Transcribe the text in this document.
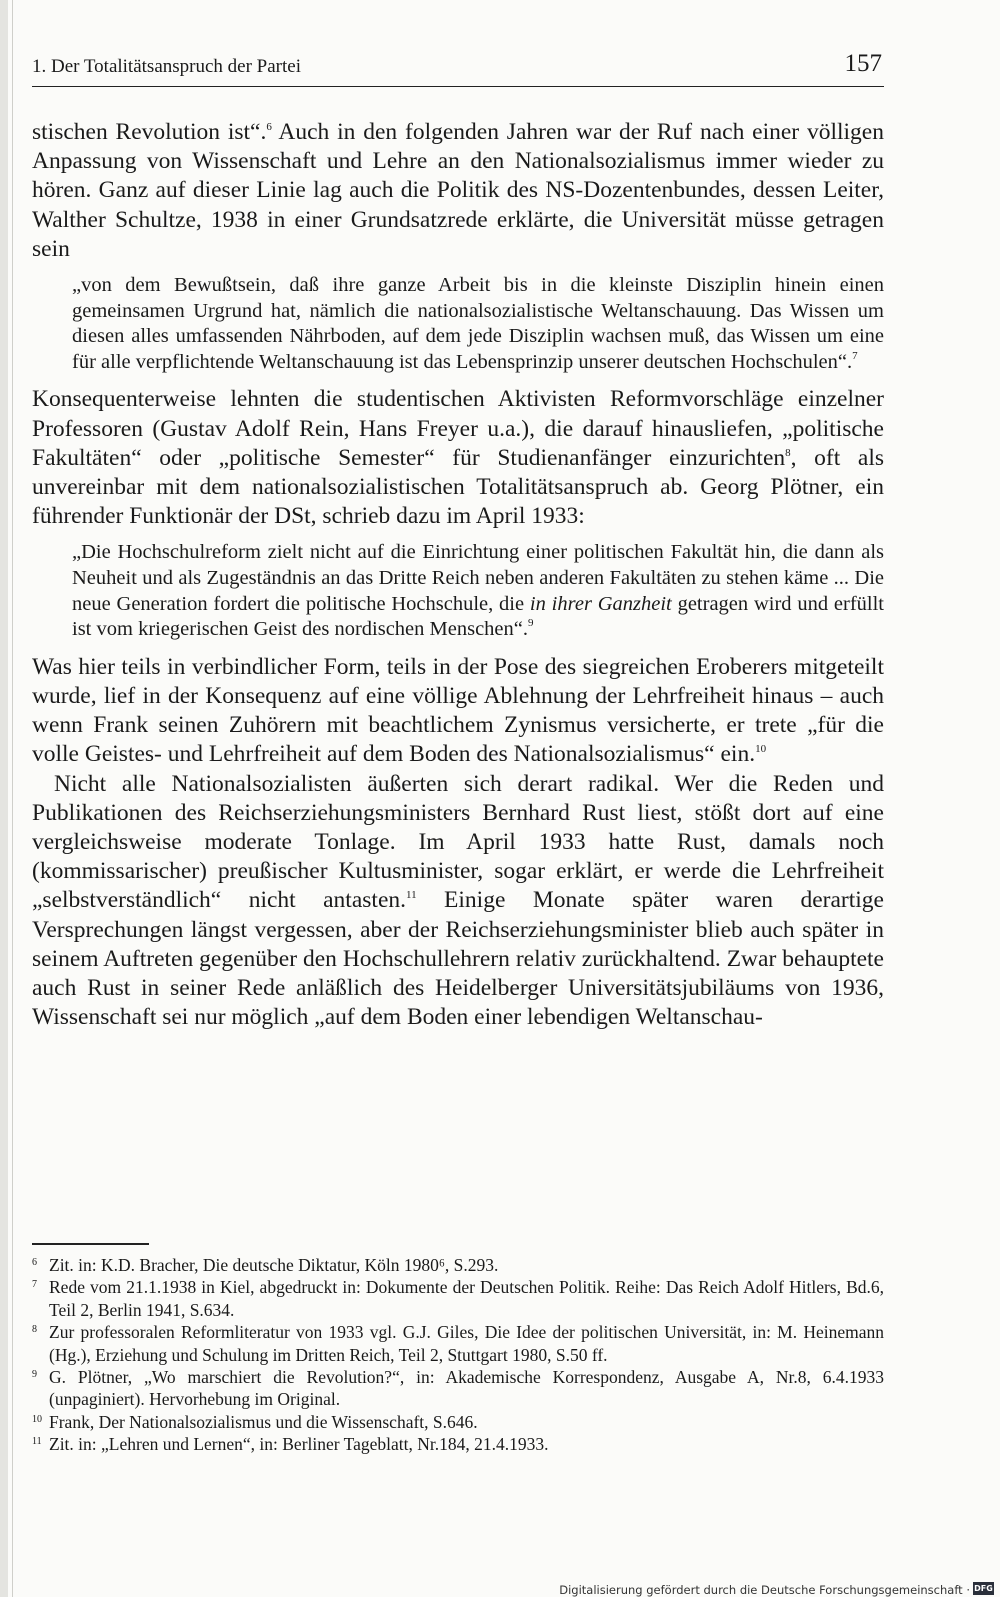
1. Der Totalitätsanspruch der Partei	157

stischen Revolution ist“.$^6$ Auch in den folgenden Jahren war der Ruf nach einer völligen Anpassung von Wissenschaft und Lehre an den Nationalsozialismus immer wieder zu hören. Ganz auf dieser Linie lag auch die Politik des NS-Dozentenbundes, dessen Leiter, Walther Schultze, 1938 in einer Grundsatzrede erklärte, die Universität müsse getragen sein

„von dem Bewußtsein, daß ihre ganze Arbeit bis in die kleinste Disziplin hinein einen gemeinsamen Urgrund hat, nämlich die nationalsozialistische Weltanschauung. Das Wissen um diesen alles umfassenden Nährboden, auf dem jede Disziplin wachsen muß, das Wissen um eine für alle verpflichtende Weltanschauung ist das Lebensprinzip unserer deutschen Hochschulen“.$^7$

Konsequenterweise lehnten die studentischen Aktivisten Reformvorschläge einzelner Professoren (Gustav Adolf Rein, Hans Freyer u.a.), die darauf hinausliefen, „politische Fakultäten“ oder „politische Semester“ für Studienanfänger einzurichten$^8$, oft als unvereinbar mit dem nationalsozialistischen Totalitätsanspruch ab. Georg Plötner, ein führender Funktionär der DSt, schrieb dazu im April 1933:

„Die Hochschulreform zielt nicht auf die Einrichtung einer politischen Fakultät hin, die dann als Neuheit und als Zugeständnis an das Dritte Reich neben anderen Fakultäten zu stehen käme ... Die neue Generation fordert die politische Hochschule, die in ihrer Ganzheit getragen wird und erfüllt ist vom kriegerischen Geist des nordischen Menschen“.$^9$

Was hier teils in verbindlicher Form, teils in der Pose des siegreichen Eroberers mitgeteilt wurde, lief in der Konsequenz auf eine völlige Ablehnung der Lehrfreiheit hinaus – auch wenn Frank seinen Zuhörern mit beachtlichem Zynismus versicherte, er trete „für die volle Geistes- und Lehrfreiheit auf dem Boden des Nationalsozialismus“ ein.$^{10}$

Nicht alle Nationalsozialisten äußerten sich derart radikal. Wer die Reden und Publikationen des Reichserziehungsministers Bernhard Rust liest, stößt dort auf eine vergleichsweise moderate Tonlage. Im April 1933 hatte Rust, damals noch (kommissarischer) preußischer Kultusminister, sogar erklärt, er werde die Lehrfreiheit „selbstverständlich“ nicht antasten.$^{11}$ Einige Monate später waren derartige Versprechungen längst vergessen, aber der Reichserziehungsminister blieb auch später in seinem Auftreten gegenüber den Hochschullehrern relativ zurückhaltend. Zwar behauptete auch Rust in seiner Rede anläßlich des Heidelberger Universitätsjubiläums von 1936, Wissenschaft sei nur möglich „auf dem Boden einer lebendigen Weltanschau-

6 Zit. in: K.D. Bracher, Die deutsche Diktatur, Köln 1980⁶, S.293.
7 Rede vom 21.1.1938 in Kiel, abgedruckt in: Dokumente der Deutschen Politik. Reihe: Das Reich Adolf Hitlers, Bd.6, Teil 2, Berlin 1941, S.634.
8 Zur professoralen Reformliteratur von 1933 vgl. G.J. Giles, Die Idee der politischen Universität, in: M. Heinemann (Hg.), Erziehung und Schulung im Dritten Reich, Teil 2, Stuttgart 1980, S.50 ff.
9 G. Plötner, „Wo marschiert die Revolution?“, in: Akademische Korrespondenz, Ausgabe A, Nr.8, 6.4.1933 (unpaginiert). Hervorhebung im Original.
10 Frank, Der Nationalsozialismus und die Wissenschaft, S.646.
11 Zit. in: „Lehren und Lernen“, in: Berliner Tageblatt, Nr.184, 21.4.1933.
Digitalisierung gefördert durch die Deutsche Forschungsgemeinschaft · DFG
